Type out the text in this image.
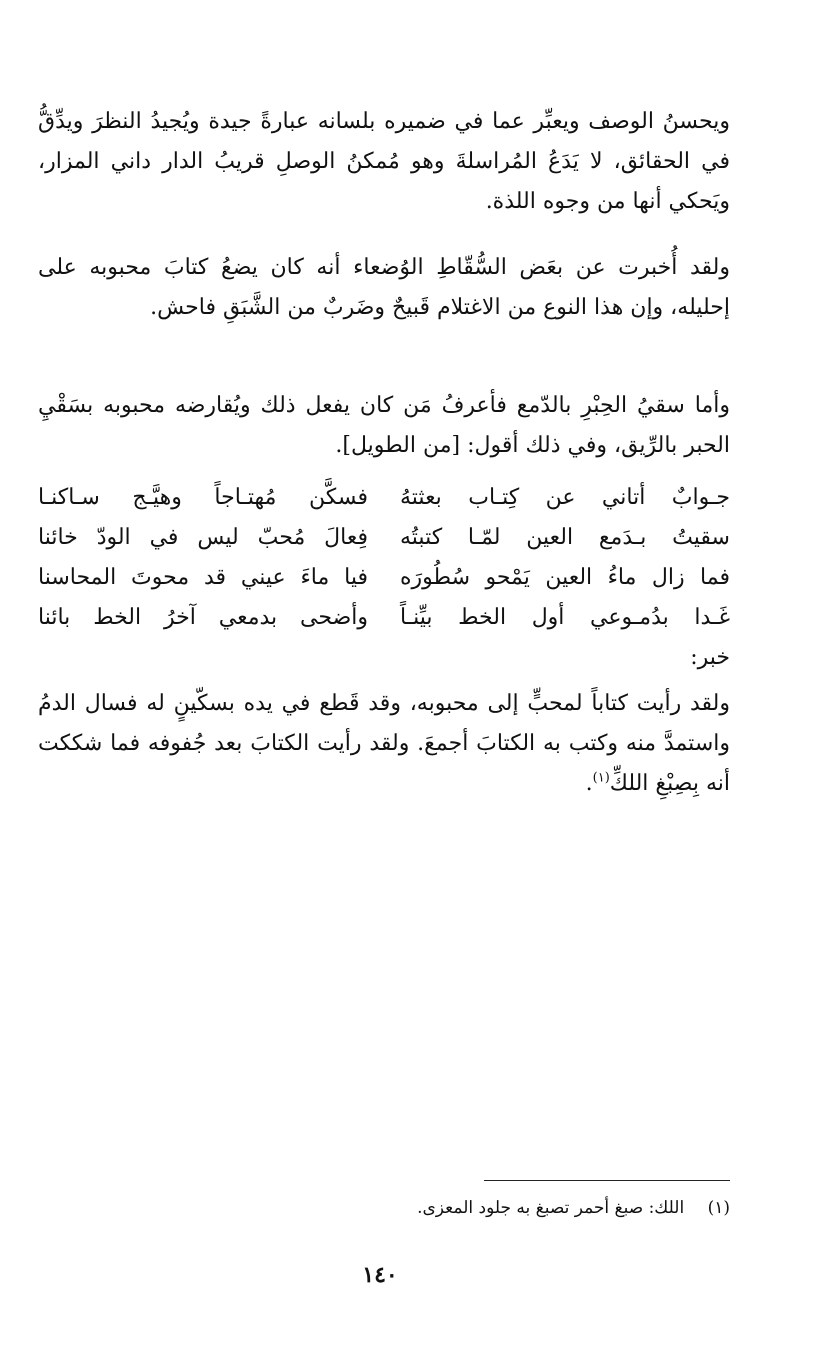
ويحسنُ الوصف ويعبِّر عما في ضميره بلسانه عبارةً جيدة ويُجيدُ النظرَ ويدِّقُّ في الحقائق، لا يَدَعُ المُراسلةَ وهو مُمكنُ الوصلِ قريبُ الدار داني المزار، ويَحكي أنها من وجوه اللذة.

ولقد أُخبرت عن بعَض السُّقّاطِ الوُضعاء أنه كان يضعُ كتابَ محبوبه على إحليله، وإن هذا النوع من الاغتلام قَبيحٌ وضَربٌ من الشَّبَقِ فاحش.

وأما سقيُ الحِبْرِ بالدّمع فأعرفُ مَن كان يفعل ذلك ويُقارضه محبوبه بسَقْيِ الحبر بالرِّيق، وفي ذلك أقول: [من الطويل].

جـوابٌ أتاني عن كِتـاب بعثتهُ
فسكَّن مُهتـاجاً وهيَّـج سـاكنـا
سقيتُ بـدَمع العين لمّـا كتبتُه
فِعالَ مُحبّ ليس في الودّ خائنا
فما زال ماءُ العين يَمْحو سُطُورَه
فيا ماءَ عيني قد محوتَ المحاسنا
غَـدا بدُمـوعي أول الخط بيِّنـاً
وأضحى بدمعي آخرُ الخط بائنا
خبر:

ولقد رأيت كتاباً لمحبٍّ إلى محبوبه، وقد قَطع في يده بسكّينٍ له فسال الدمُ واستمدَّ منه وكتب به الكتابَ أجمعَ. ولقد رأيت الكتابَ بعد جُفوفه فما شككت أنه بِصِبْغِ اللكِّ$^{(١)}$.

(١) اللك: صبغ أحمر تصبغ به جلود المعزى.
١٤٠
